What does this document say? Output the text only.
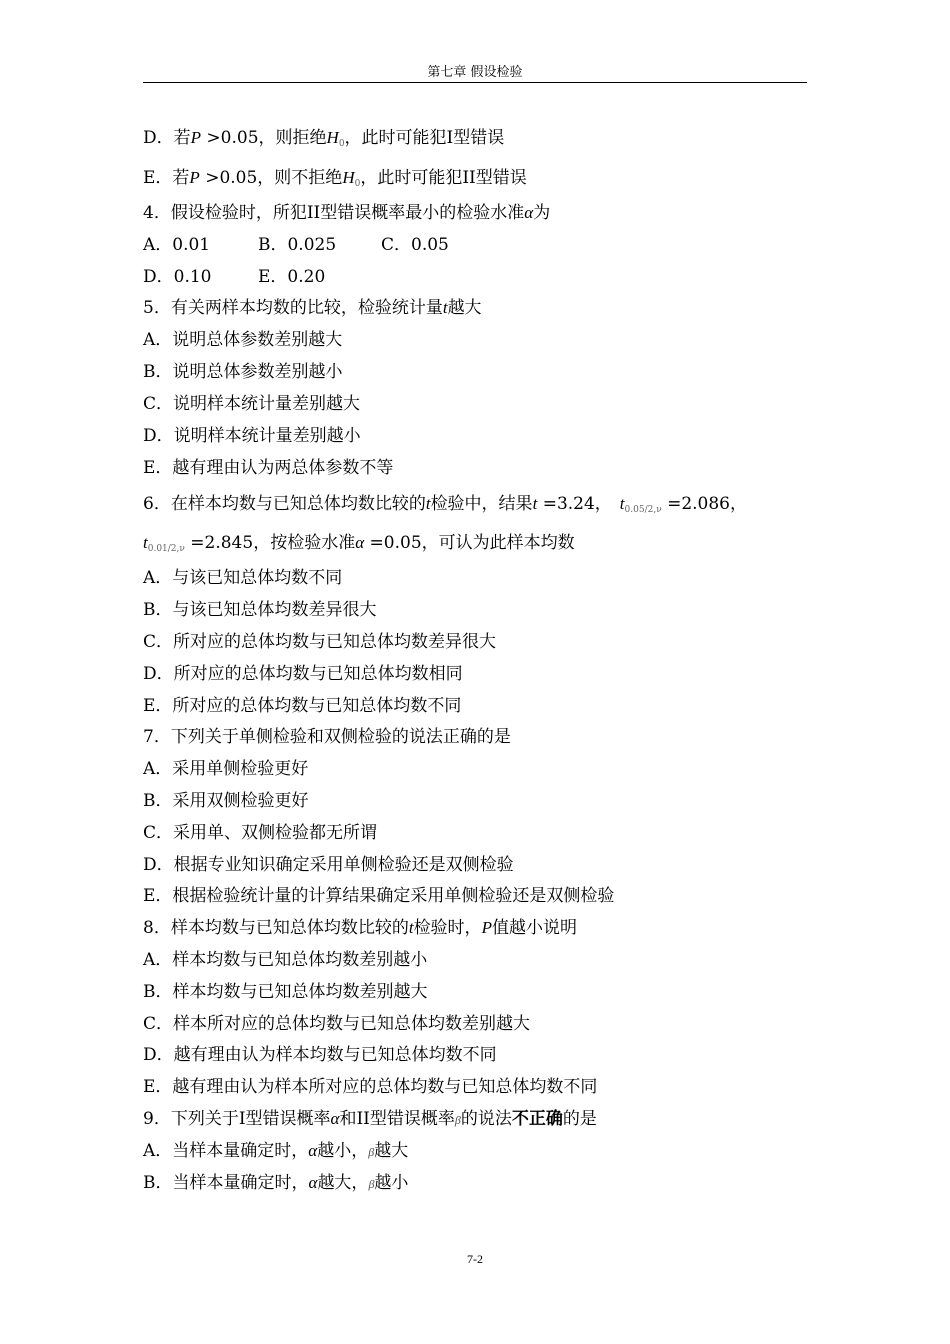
第七章 假设检验
D．若P >0.05，则拒绝$H_0$，此时可能犯I型错误
E．若P >0.05，则不拒绝$H_0$，此时可能犯II型错误
4．假设检验时，所犯II型错误概率最小的检验水准α为
A．0.01	B．0.025	C．0.05
D．0.10	E．0.20
5．有关两样本均数的比较，检验统计量t越大
A．说明总体参数差别越大
B．说明总体参数差别越小
C．说明样本统计量差别越大
D．说明样本统计量差别越小
E．越有理由认为两总体参数不等
6．在样本均数与已知总体均数比较的t检验中，结果t =3.24， $t_{0.05/2,\nu} =2.086$，
$t_{0.01/2,\nu} =2.845$，按检验水准α =0.05，可认为此样本均数
A．与该已知总体均数不同
B．与该已知总体均数差异很大
C．所对应的总体均数与已知总体均数差异很大
D．所对应的总体均数与已知总体均数相同
E．所对应的总体均数与已知总体均数不同
7．下列关于单侧检验和双侧检验的说法正确的是
A．采用单侧检验更好
B．采用双侧检验更好
C．采用单、双侧检验都无所谓
D．根据专业知识确定采用单侧检验还是双侧检验
E．根据检验统计量的计算结果确定采用单侧检验还是双侧检验
8．样本均数与已知总体均数比较的t检验时，P值越小说明
A．样本均数与已知总体均数差别越小
B．样本均数与已知总体均数差别越大
C．样本所对应的总体均数与已知总体均数差别越大
D．越有理由认为样本均数与已知总体均数不同
E．越有理由认为样本所对应的总体均数与已知总体均数不同
9．下列关于I型错误概率α和II型错误概率β的说法不正确的是
A．当样本量确定时，α越小，β越大
B．当样本量确定时，α越大，β越小
7-2
